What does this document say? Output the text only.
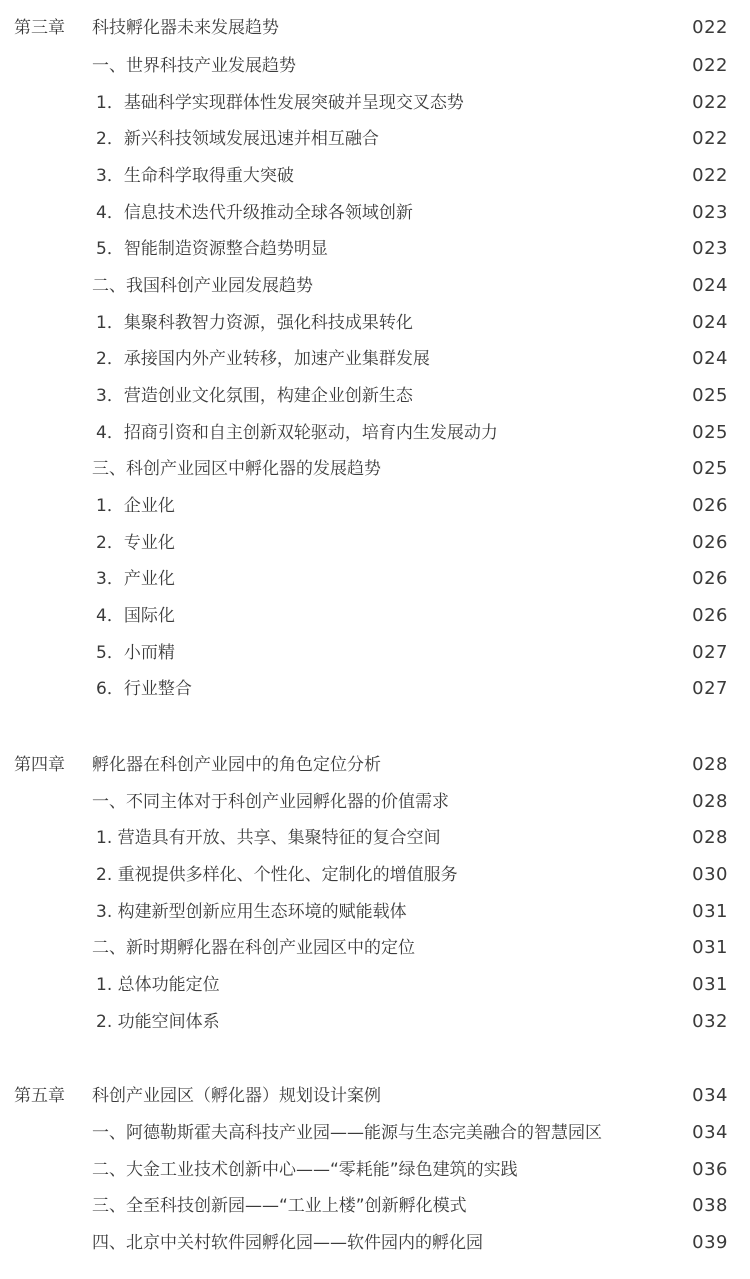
第三章 科技孵化器未来发展趋势	022
一、世界科技产业发展趋势	022
1．基础科学实现群体性发展突破并呈现交叉态势	022
2．新兴科技领域发展迅速并相互融合	022
3．生命科学取得重大突破	022
4．信息技术迭代升级推动全球各领域创新	023
5．智能制造资源整合趋势明显	023
二、我国科创产业园发展趋势	024
1．集聚科教智力资源，强化科技成果转化	024
2．承接国内外产业转移，加速产业集群发展	024
3．营造创业文化氛围，构建企业创新生态	025
4．招商引资和自主创新双轮驱动，培育内生发展动力	025
三、科创产业园区中孵化器的发展趋势	025
1．企业化	026
2．专业化	026
3．产业化	026
4．国际化	026
5．小而精	027
6．行业整合	027
第四章 孵化器在科创产业园中的角色定位分析	028
一、不同主体对于科创产业园孵化器的价值需求	028
1. 营造具有开放、共享、集聚特征的复合空间	028
2. 重视提供多样化、个性化、定制化的增值服务	030
3. 构建新型创新应用生态环境的赋能载体	031
二、新时期孵化器在科创产业园区中的定位	031
1. 总体功能定位	031
2. 功能空间体系	032
第五章 科创产业园区（孵化器）规划设计案例	034
一、阿德勒斯霍夫高科技产业园——能源与生态完美融合的智慧园区	034
二、大金工业技术创新中心——“零耗能”绿色建筑的实践	036
三、全至科技创新园——“工业上楼”创新孵化模式	038
四、北京中关村软件园孵化园——软件园内的孵化园	039
